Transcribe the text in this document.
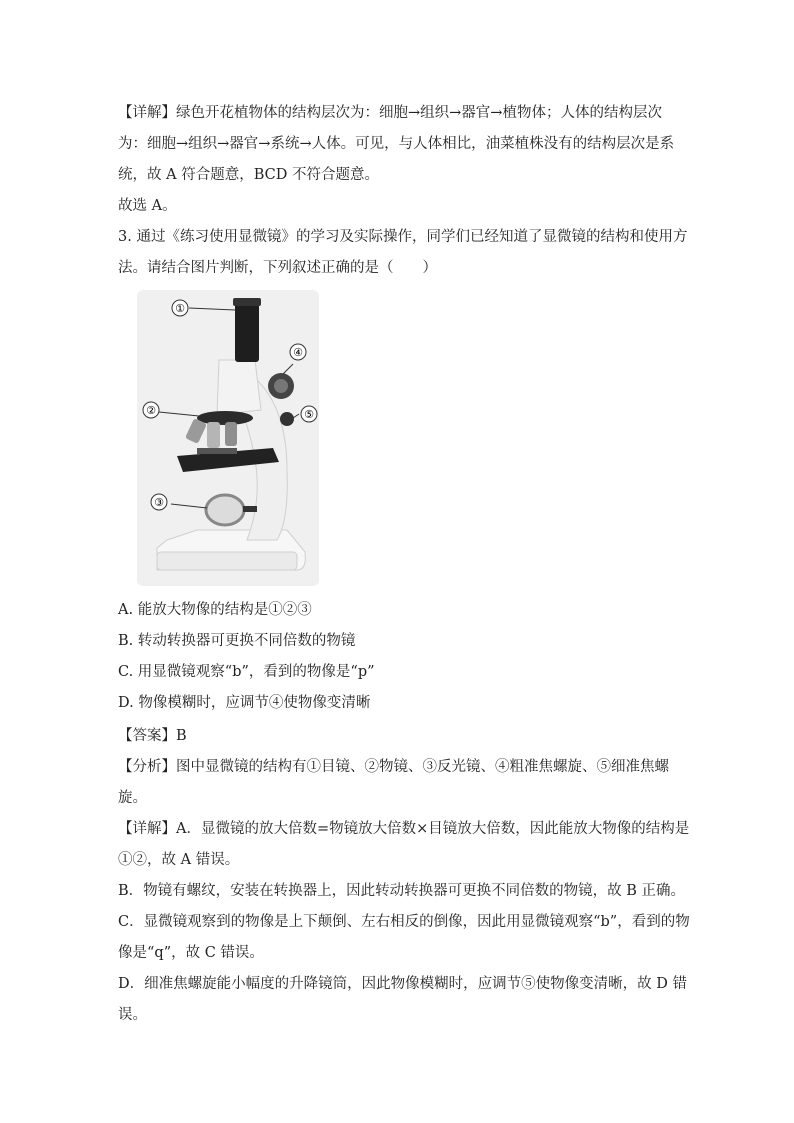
【详解】绿色开花植物体的结构层次为：细胞→组织→器官→植物体；人体的结构层次
为：细胞→组织→器官→系统→人体。可见，与人体相比，油菜植株没有的结构层次是系
统，故 A 符合题意，BCD 不符合题意。
故选 A。
3. 通过《练习使用显微镜》的学习及实际操作，同学们已经知道了显微镜的结构和使用方
法。请结合图片判断，下列叙述正确的是（　　）
①
②
③
④
⑤
A. 能放大物像的结构是①②③
B. 转动转换器可更换不同倍数的物镜
C. 用显微镜观察“b”，看到的物像是“p”
D. 物像模糊时，应调节④使物像变清晰
【答案】B
【分析】图中显微镜的结构有①目镜、②物镜、③反光镜、④粗准焦螺旋、⑤细准焦螺
旋。
【详解】A．显微镜的放大倍数=物镜放大倍数×目镜放大倍数，因此能放大物像的结构是
①②，故 A 错误。
B．物镜有螺纹，安装在转换器上，因此转动转换器可更换不同倍数的物镜，故 B 正确。
C．显微镜观察到的物像是上下颠倒、左右相反的倒像，因此用显微镜观察“b”，看到的物
像是“q”，故 C 错误。
D．细准焦螺旋能小幅度的升降镜筒，因此物像模糊时，应调节⑤使物像变清晰，故 D 错
误。
